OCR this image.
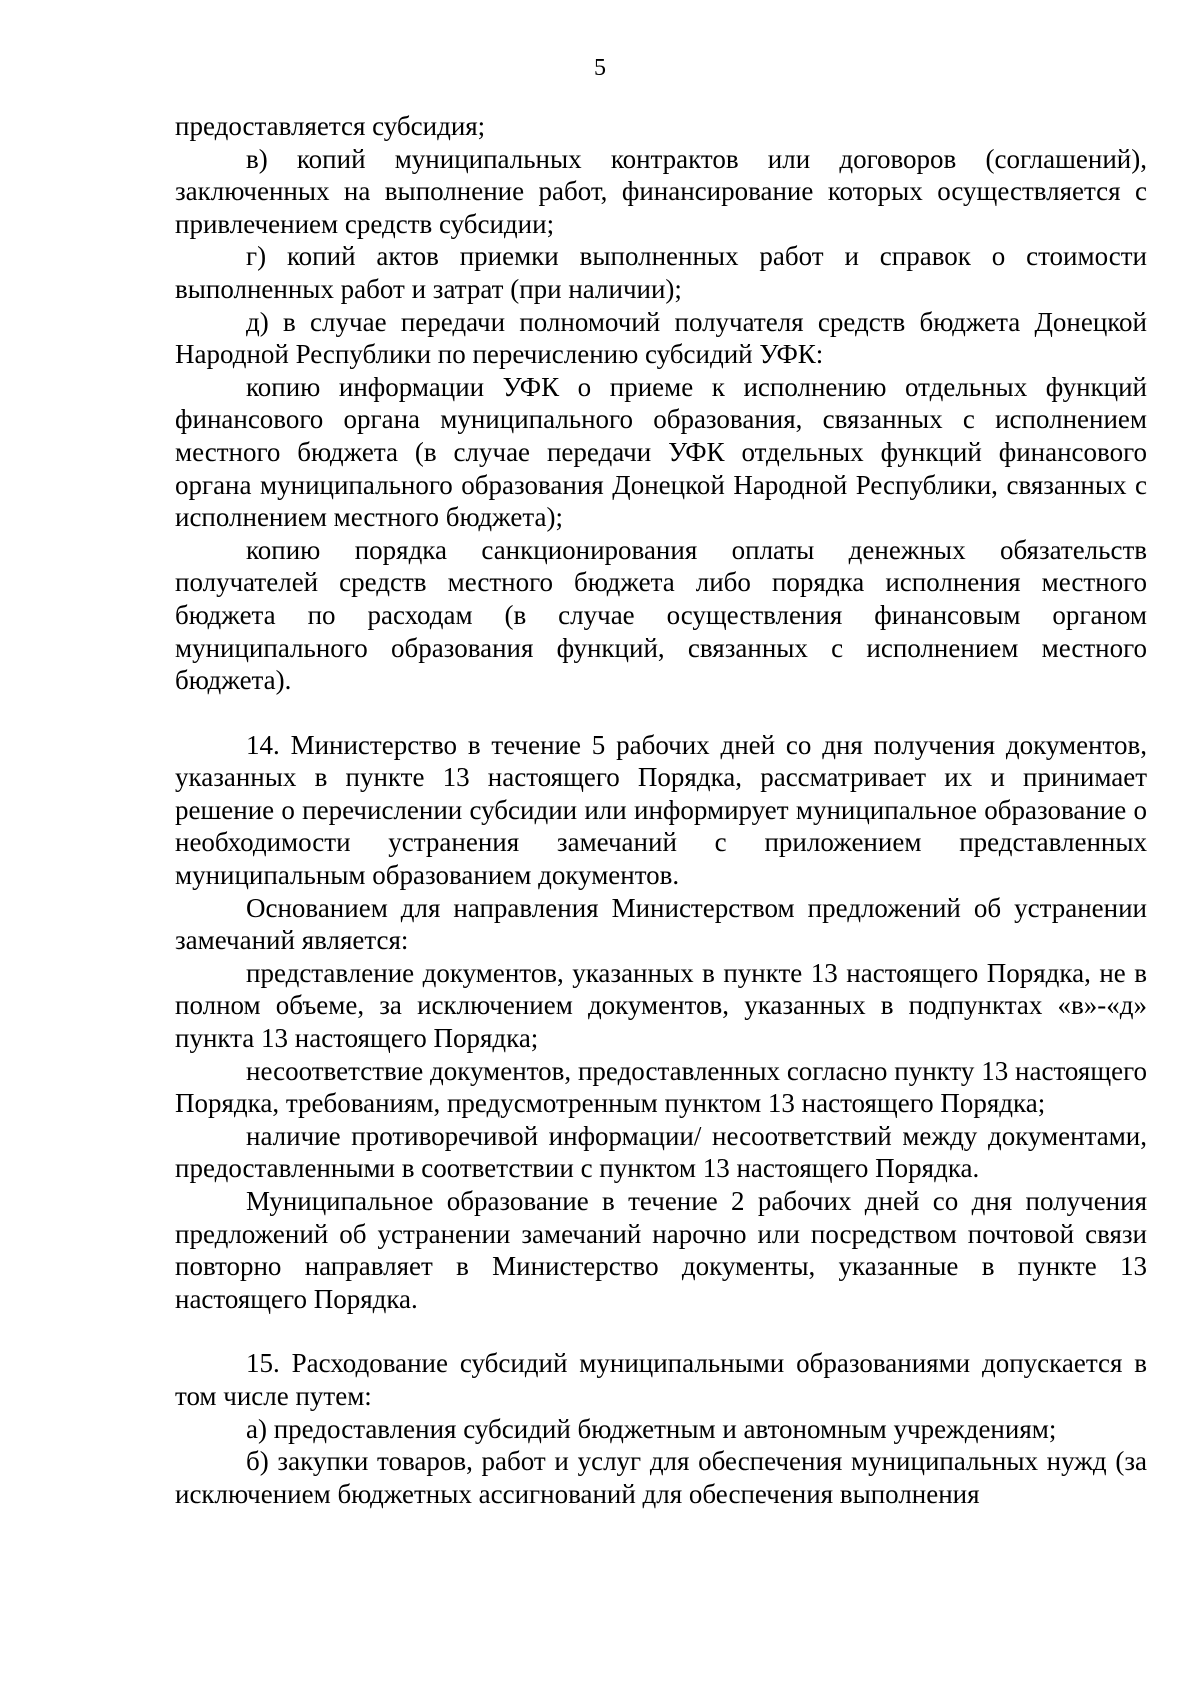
5

предоставляется субсидия;

в) копий муниципальных контрактов или договоров (соглашений), заключенных на выполнение работ, финансирование которых осуществляется с привлечением средств субсидии;

г) копий актов приемки выполненных работ и справок о стоимости выполненных работ и затрат (при наличии);

д) в случае передачи полномочий получателя средств бюджета Донецкой Народной Республики по перечислению субсидий УФК:

копию информации УФК о приеме к исполнению отдельных функций финансового органа муниципального образования, связанных с исполнением местного бюджета (в случае передачи УФК отдельных функций финансового органа муниципального образования Донецкой Народной Республики, связанных с исполнением местного бюджета);

копию порядка санкционирования оплаты денежных обязательств получателей средств местного бюджета либо порядка исполнения местного бюджета по расходам (в случае осуществления финансовым органом муниципального образования функций, связанных с исполнением местного бюджета).

14. Министерство в течение 5 рабочих дней со дня получения документов, указанных в пункте 13 настоящего Порядка, рассматривает их и принимает решение о перечислении субсидии или информирует муниципальное образование о необходимости устранения замечаний с приложением представленных муниципальным образованием документов.

Основанием для направления Министерством предложений об устранении замечаний является:

представление документов, указанных в пункте 13 настоящего Порядка, не в полном объеме, за исключением документов, указанных в подпунктах «в»-«д» пункта 13 настоящего Порядка;

несоответствие документов, предоставленных согласно пункту 13 настоящего Порядка, требованиям, предусмотренным пунктом 13 настоящего Порядка;

наличие противоречивой информации/ несоответствий между документами, предоставленными в соответствии с пунктом 13 настоящего Порядка.

Муниципальное образование в течение 2 рабочих дней со дня получения предложений об устранении замечаний нарочно или посредством почтовой связи повторно направляет в Министерство документы, указанные в пункте 13 настоящего Порядка.

15. Расходование субсидий муниципальными образованиями допускается в том числе путем:

а) предоставления субсидий бюджетным и автономным учреждениям;

б) закупки товаров, работ и услуг для обеспечения муниципальных нужд (за исключением бюджетных ассигнований для обеспечения выполнения
